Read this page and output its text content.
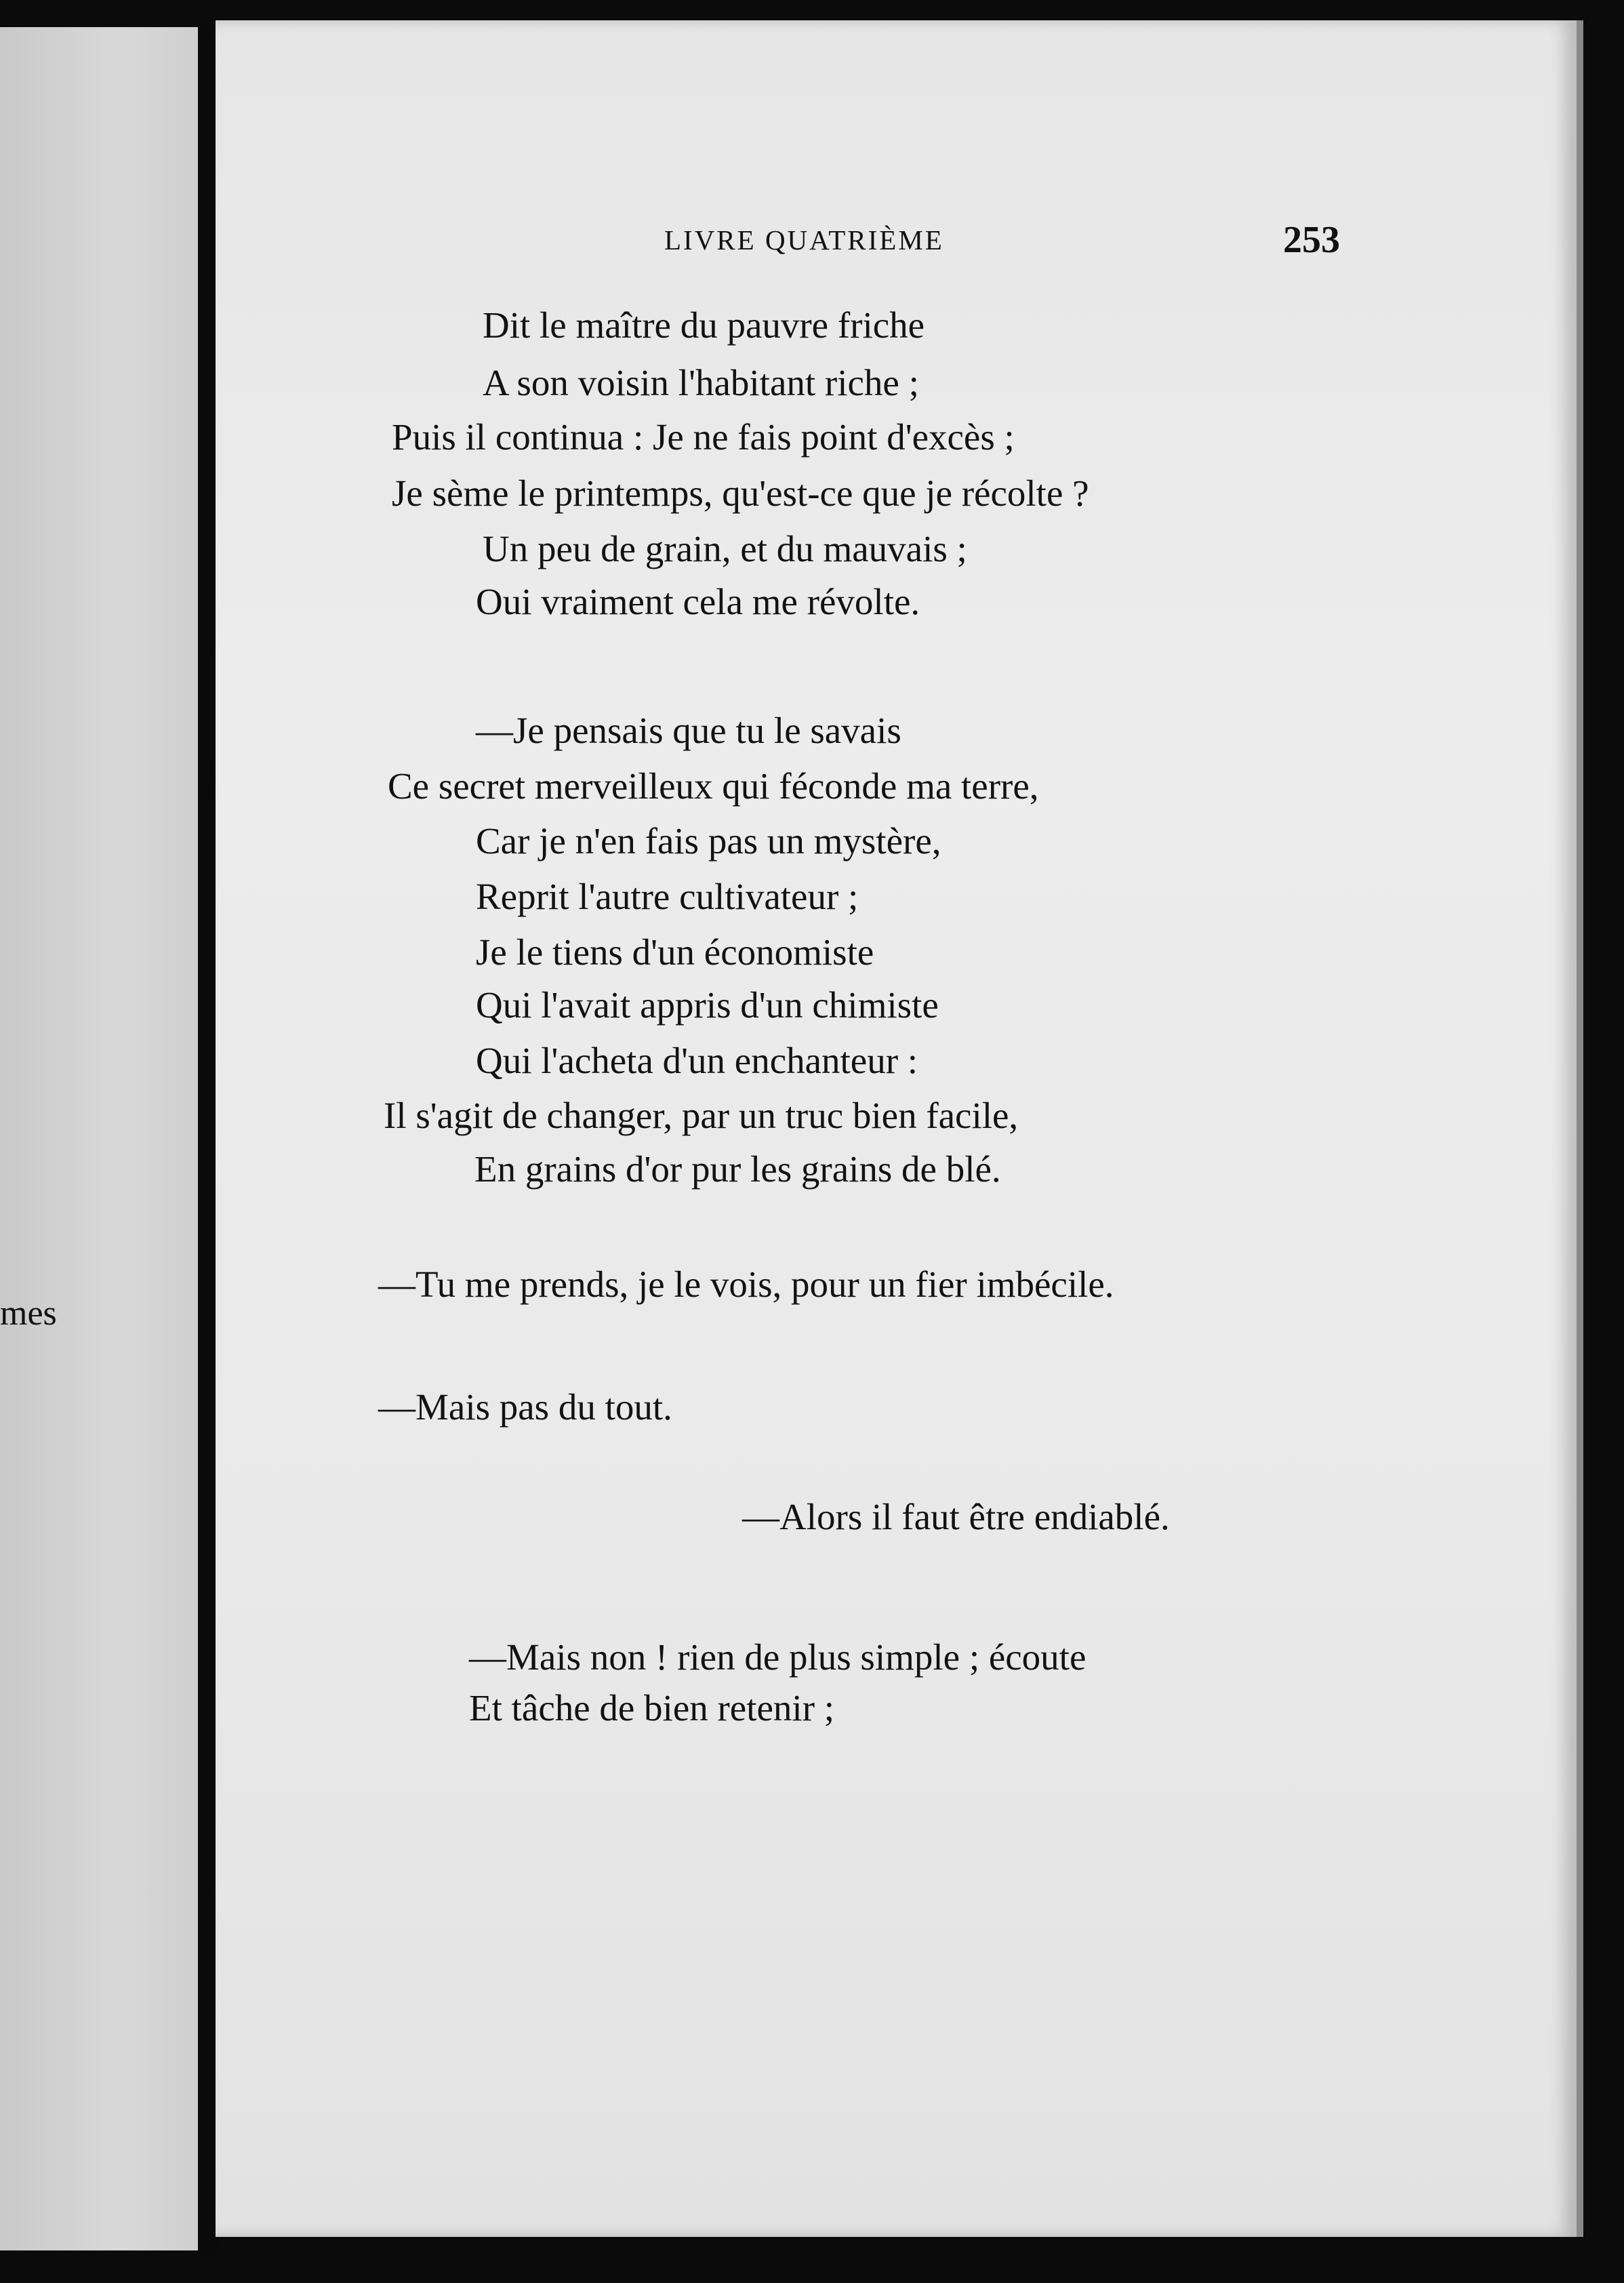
mes
LIVRE QUATRIÈME	253
Dit le maître du pauvre friche
A son voisin l'habitant riche ;
Puis il continua : Je ne fais point d'excès ;
Je sème le printemps, qu'est-ce que je récolte ?
Un peu de grain, et du mauvais ;
Oui vraiment cela me révolte.
—Je pensais que tu le savais
Ce secret merveilleux qui féconde ma terre,
Car je n'en fais pas un mystère,
Reprit l'autre cultivateur ;
Je le tiens d'un économiste
Qui l'avait appris d'un chimiste
Qui l'acheta d'un enchanteur :
Il s'agit de changer, par un truc bien facile,
En grains d'or pur les grains de blé.
—Tu me prends, je le vois, pour un fier imbécile.
—Mais pas du tout.
—Alors il faut être endiablé.
—Mais non ! rien de plus simple ; écoute
Et tâche de bien retenir ;
